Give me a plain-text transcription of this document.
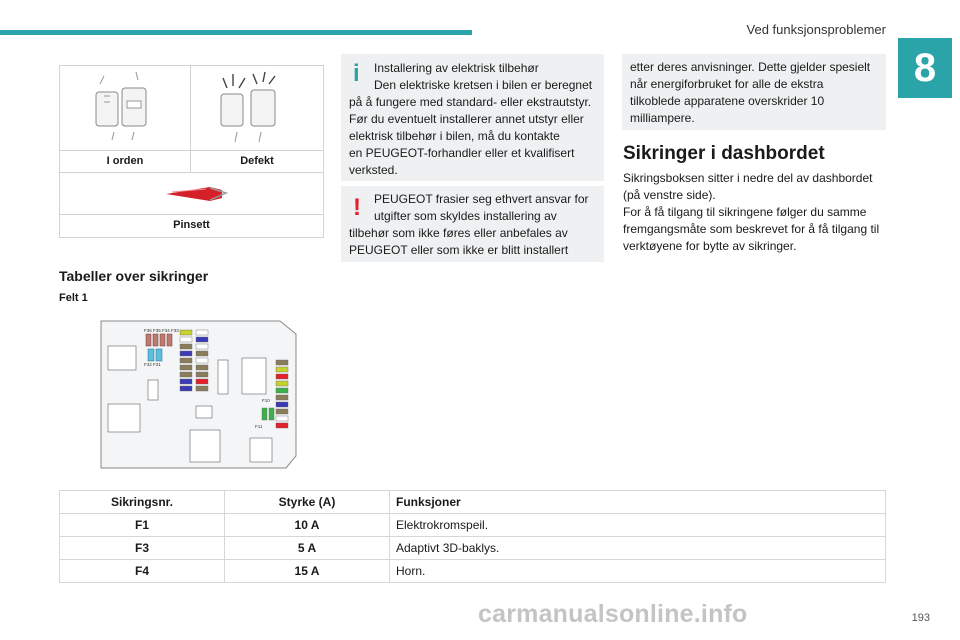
Ved funksjonsproblemer
8
I orden	Defekt
Pinsett
Tabeller over sikringer
Felt 1
F36 F35 F34 F33
F32 F31
F10
F11
i Installering av elektrisk tilbehør
Den elektriske kretsen i bilen er beregnet
på å fungere med standard- eller ekstrautstyr.
Før du eventuelt installerer annet utstyr eller
elektrisk tilbehør i bilen, må du kontakte
en PEUGEOT-forhandler eller et kvalifisert
verksted.
! PEUGEOT frasier seg ethvert ansvar for
utgifter som skyldes installering av
tilbehør som ikke føres eller anbefales av
PEUGEOT eller som ikke er blitt installert
etter deres anvisninger. Dette gjelder spesielt
når energiforbruket for alle de ekstra
tilkoblede apparatene overskrider 10
milliampere.
Sikringer i dashbordet
Sikringsboksen sitter i nedre del av dashbordet
(på venstre side).
For å få tilgang til sikringene følger du samme
fremgangsmåte som beskrevet for å få tilgang til
verktøyene for bytte av sikringer.
Sikringsnr.	Styrke (A)	Funksjoner
F1	10 A	Elektrokromspeil.
F3	5 A	Adaptivt 3D-baklys.
F4	15 A	Horn.
carmanualsonline.info	193
